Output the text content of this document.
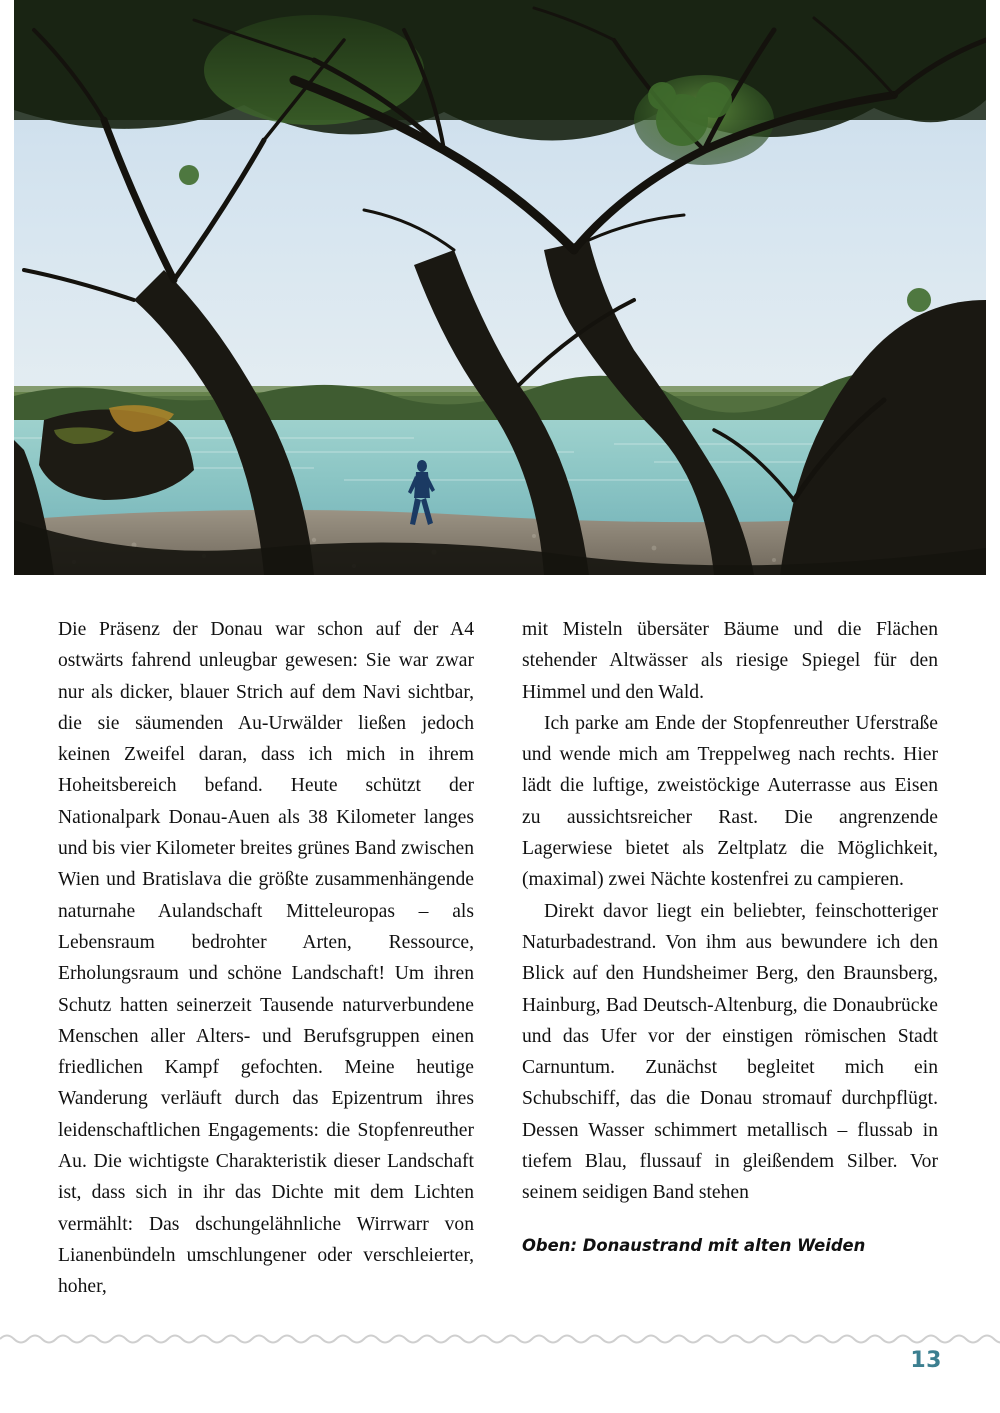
Die Präsenz der Donau war schon auf der A4 ostwärts fahrend unleugbar gewesen: Sie war zwar nur als dicker, blauer Strich auf dem Navi sichtbar, die sie säumenden Au-Urwälder ließen jedoch keinen Zweifel daran, dass ich mich in ihrem Hoheitsbereich befand. Heute schützt der Nationalpark Donau-Auen als 38 Kilometer langes und bis vier Kilometer breites grünes Band zwischen Wien und Bratislava die größte zusammenhängende naturnahe Aulandschaft Mitteleuropas – als Lebensraum bedrohter Arten, Ressource, Erholungsraum und schöne Landschaft! Um ihren Schutz hatten seinerzeit Tausende naturverbundene Menschen aller Alters- und Berufsgruppen einen friedlichen Kampf gefochten. Meine heutige Wanderung verläuft durch das Epizentrum ihres leidenschaftlichen Engagements: die Stopfenreuther Au. Die wichtigste Charakteristik dieser Landschaft ist, dass sich in ihr das Dichte mit dem Lichten vermählt: Das dschungelähnliche Wirrwarr von Lianenbündeln umschlungener oder verschleierter, hoher,

mit Misteln übersäter Bäume und die Flächen stehender Altwässer als riesige Spiegel für den Himmel und den Wald.

Ich parke am Ende der Stopfenreuther Uferstraße und wende mich am Treppelweg nach rechts. Hier lädt die luftige, zweistöckige Auterrasse aus Eisen zu aussichtsreicher Rast. Die angrenzende Lagerwiese bietet als Zeltplatz die Möglichkeit, (maximal) zwei Nächte kostenfrei zu campieren.

Direkt davor liegt ein beliebter, feinschotteriger Naturbadestrand. Von ihm aus bewundere ich den Blick auf den Hundsheimer Berg, den Braunsberg, Hainburg, Bad Deutsch-Altenburg, die Donaubrücke und das Ufer vor der einstigen römischen Stadt Carnuntum. Zunächst begleitet mich ein Schubschiff, das die Donau stromauf durchpflügt. Dessen Wasser schimmert metallisch – flussab in tiefem Blau, flussauf in gleißendem Silber. Vor seinem seidigen Band stehen

Oben: Donaustrand mit alten Weiden
13
